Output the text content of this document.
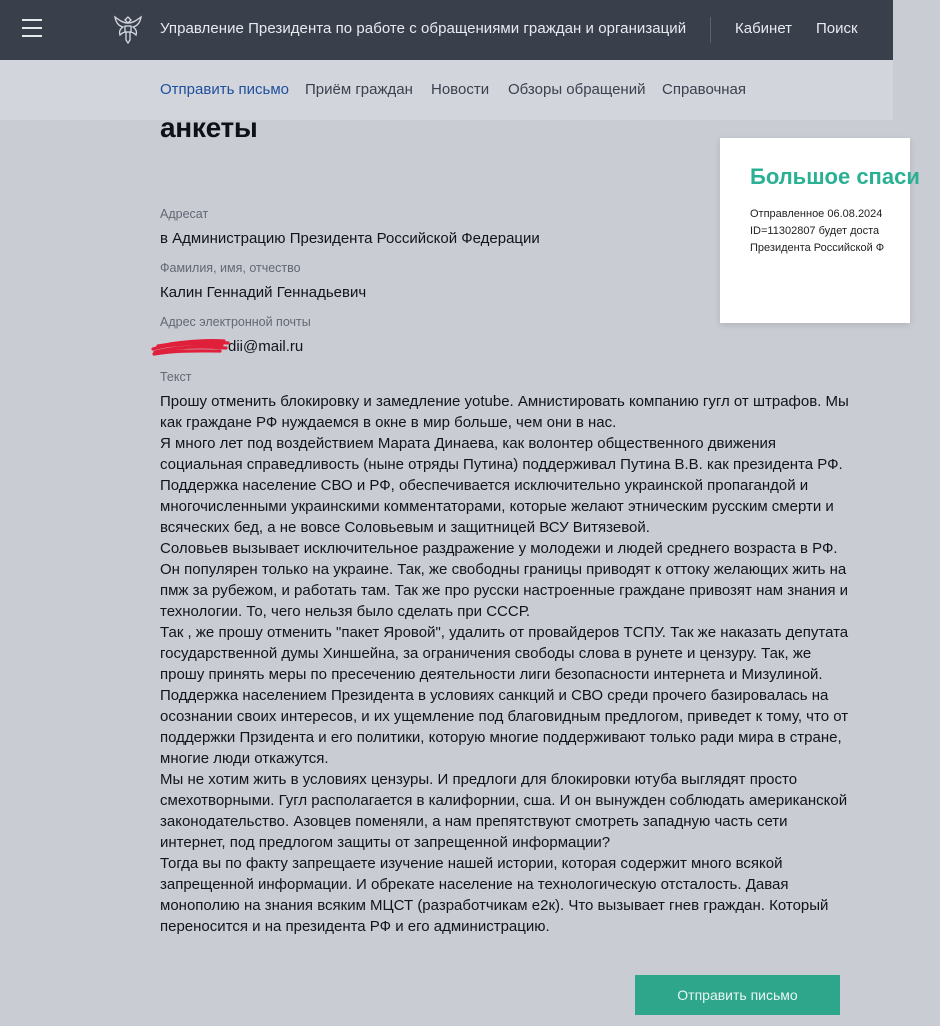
Управление Президента по работе с обращениями граждан и организаций	Кабинет Поиск
Отправить письмо Приём граждан Новости Обзоры обращений Справочная
анкеты
Большое спаси
Отправленное 06.08.2024
ID=11302807 будет доста
Президента Российской Ф
Адресат
в Администрацию Президента Российской Федерации
Фамилия, имя, отчество
Калин Геннадий Геннадьевич
Адрес электронной почты
dii@mail.ru
Текст

Прошу отменить блокировку и замедление yotube. Амнистировать компанию гугл от штрафов. Мы как граждане РФ нуждаемся в окне в мир больше, чем они в нас.

Я много лет под воздействием Марата Динаева, как волонтер общественного движения социальная справедливость (ныне отряды Путина) поддерживал Путина В.В. как президента РФ. Поддержка население СВО и РФ, обеспечивается исключительно украинской пропагандой и многочисленными украинскими комментаторами, которые желают этническим русским смерти и всяческих бед, а не вовсе Соловьевым и защитницей ВСУ Витязевой.

Соловьев вызывает исключительное раздражение у молодежи и людей среднего возраста в РФ. Он популярен только на украине. Так, же свободны границы приводят к оттоку желающих жить на пмж за рубежом, и работать там. Так же про русски настроенные граждане привозят нам знания и технологии. То, чего нельзя было сделать при СССР.

Так , же прошу отменить "пакет Яровой", удалить от провайдеров ТСПУ. Так же наказать депутата государственной думы Хиншейна, за ограничения свободы слова в рунете и цензуру. Так, же прошу принять меры по пресечению деятельности лиги безопасности интернета и Мизулиной.

Поддержка населением Президента в условиях санкций и СВО среди прочего базировалась на осознании своих интересов, и их ущемление под благовидным предлогом, приведет к тому, что от поддержки Прзидента и его политики, которую многие поддерживают только ради мира в стране, многие люди откажутся.

Мы не хотим жить в условиях цензуры. И предлоги для блокировки ютуба выглядят просто смехотворными. Гугл располагается в калифорнии, сша. И он вынужден соблюдать американской законодательство. Азовцев поменяли, а нам препятствуют смотреть западную часть сети интернет, под предлогом защиты от запрещенной информации?

Тогда вы по факту запрещаете изучение нашей истории, которая содержит много всякой запрещенной информации. И обрекате население на технологическую отсталость. Давая монополию на знания всяким МЦСТ (разработчикам е2к). Что вызывает гнев граждан. Который переносится и на президента РФ и его администрацию.

Отправить письмо
